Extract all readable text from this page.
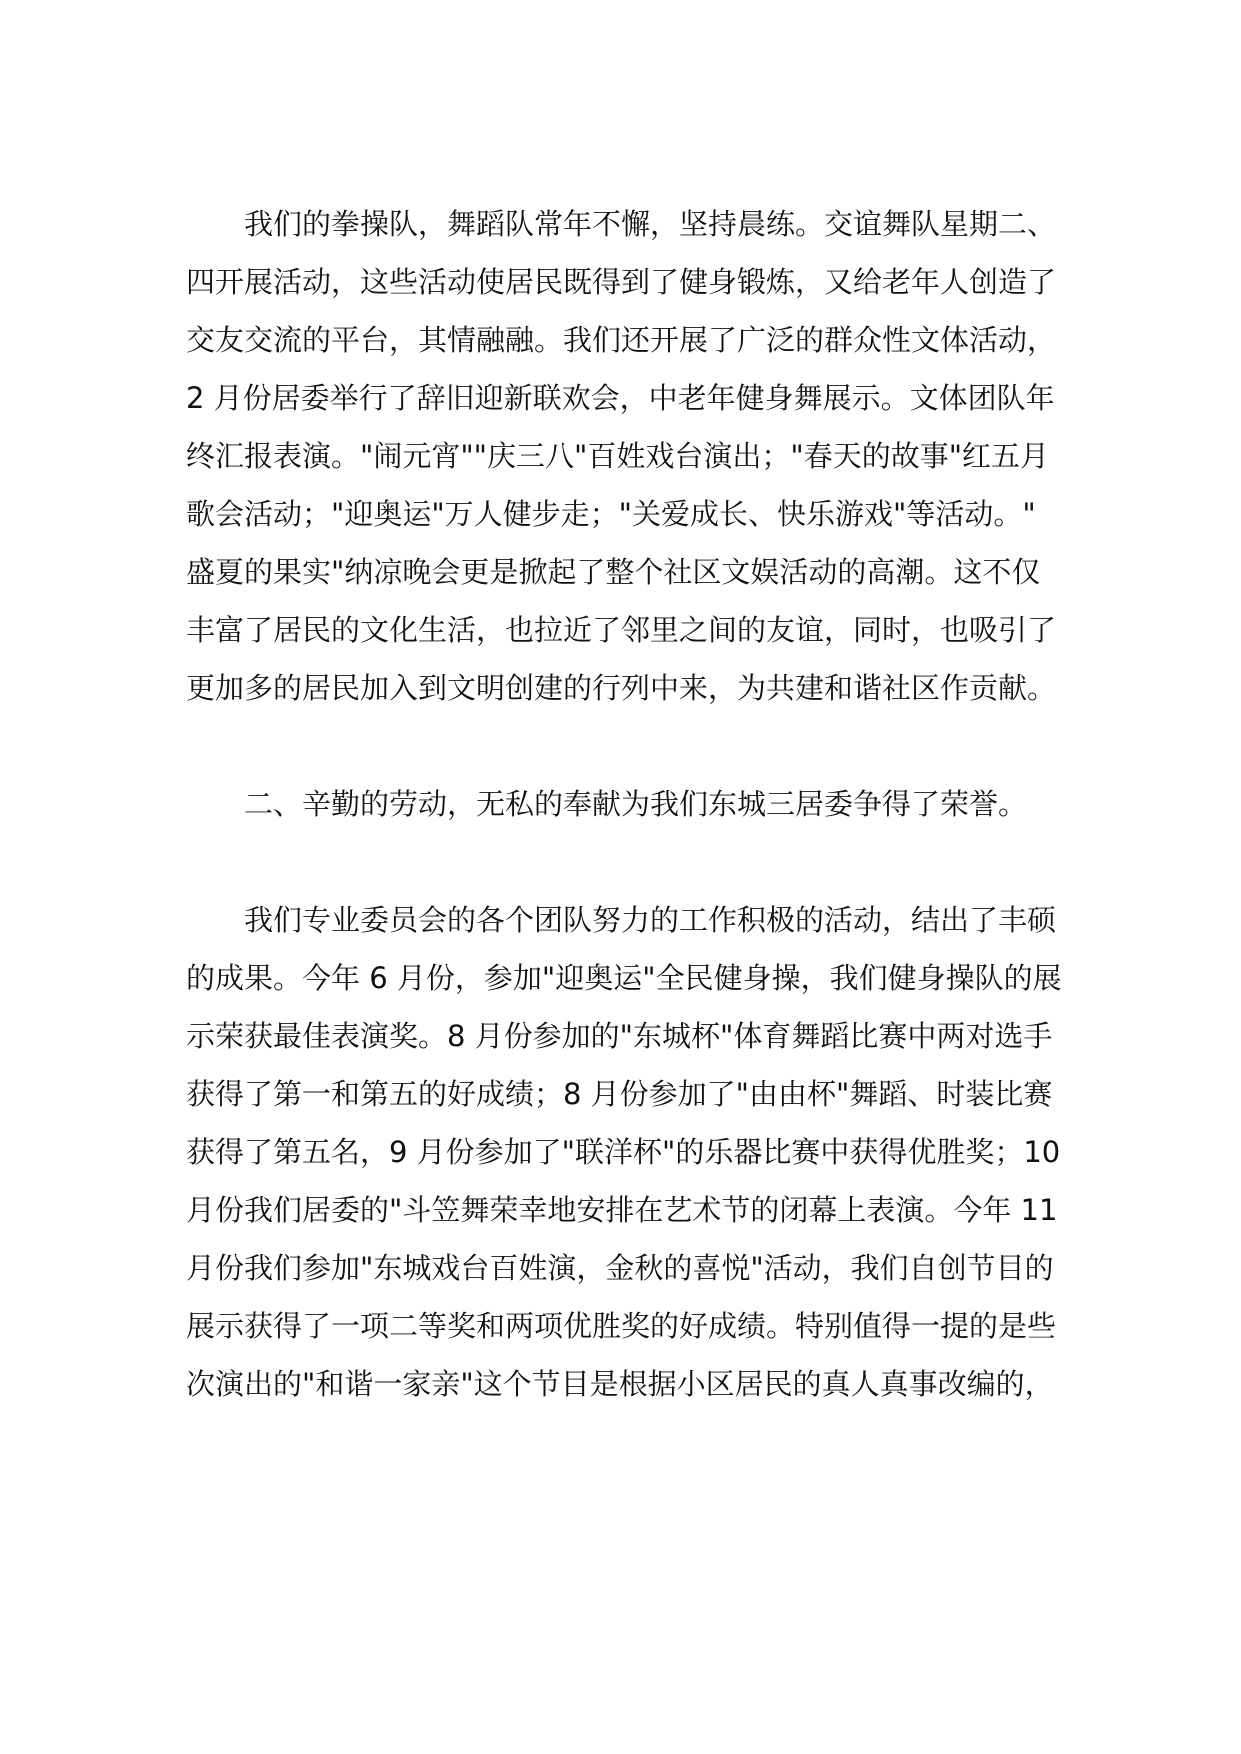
我们的拳操队，舞蹈队常年不懈，坚持晨练。交谊舞队星期二、
四开展活动，这些活动使居民既得到了健身锻炼，又给老年人创造了
交友交流的平台，其情融融。我们还开展了广泛的群众性文体活动，
2 月份居委举行了辞旧迎新联欢会，中老年健身舞展示。文体团队年
终汇报表演。"闹元宵""庆三八"百姓戏台演出；"春天的故事"红五月
歌会活动；"迎奥运"万人健步走；"关爱成长、快乐游戏"等活动。"
盛夏的果实"纳凉晚会更是掀起了整个社区文娱活动的高潮。这不仅
丰富了居民的文化生活，也拉近了邻里之间的友谊，同时，也吸引了
更加多的居民加入到文明创建的行列中来，为共建和谐社区作贡献。
二、辛勤的劳动，无私的奉献为我们东城三居委争得了荣誉。
我们专业委员会的各个团队努力的工作积极的活动，结出了丰硕
的成果。今年 6 月份，参加"迎奥运"全民健身操，我们健身操队的展
示荣获最佳表演奖。8 月份参加的"东城杯"体育舞蹈比赛中两对选手
获得了第一和第五的好成绩；8 月份参加了"由由杯"舞蹈、时装比赛
获得了第五名，9 月份参加了"联洋杯"的乐器比赛中获得优胜奖；10
月份我们居委的"斗笠舞荣幸地安排在艺术节的闭幕上表演。今年 11
月份我们参加"东城戏台百姓演，金秋的喜悦"活动，我们自创节目的
展示获得了一项二等奖和两项优胜奖的好成绩。特别值得一提的是些
次演出的"和谐一家亲"这个节目是根据小区居民的真人真事改编的，
